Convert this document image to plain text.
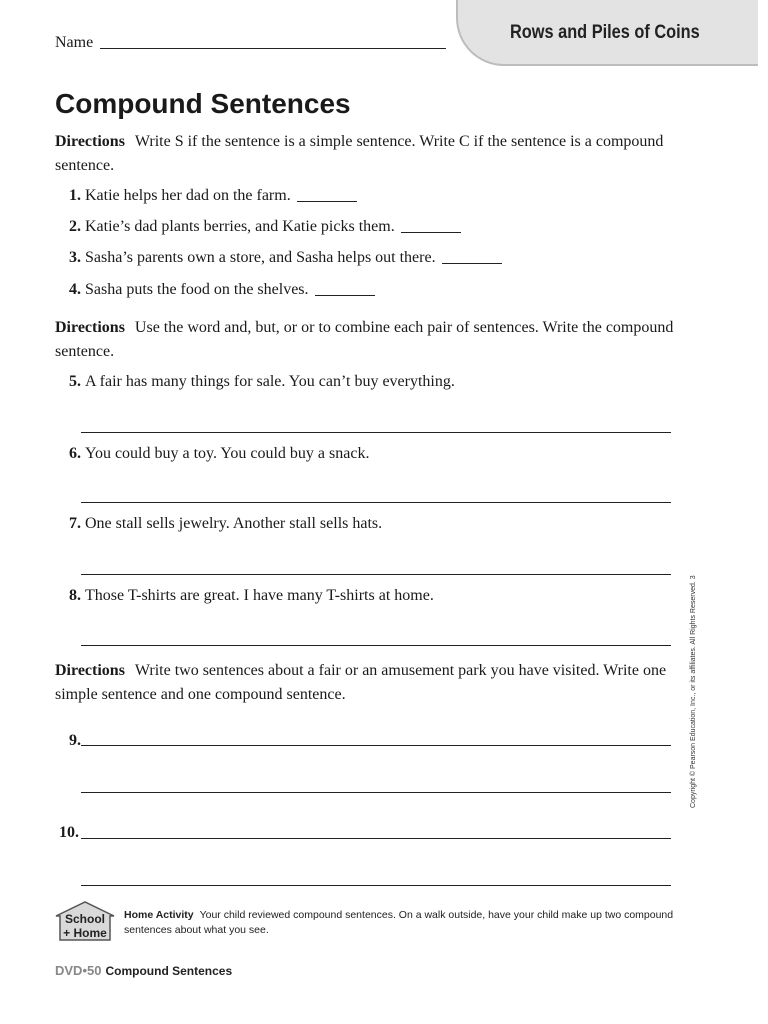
Rows and Piles of Coins
Name
Compound Sentences
Directions Write S if the sentence is a simple sentence. Write C if the sentence is a compound sentence.
1. Katie helps her dad on the farm.
2. Katie’s dad plants berries, and Katie picks them.
3. Sasha’s parents own a store, and Sasha helps out there.
4. Sasha puts the food on the shelves.
Directions Use the word and, but, or or to combine each pair of sentences. Write the compound sentence.
5. A fair has many things for sale. You can’t buy everything.
6. You could buy a toy. You could buy a snack.
7. One stall sells jewelry. Another stall sells hats.
8. Those T-shirts are great. I have many T-shirts at home.
Directions Write two sentences about a fair or an amusement park you have visited. Write one simple sentence and one compound sentence.
9.
10.
Copyright © Pearson Education, Inc., or its affiliates. All Rights Reserved. 3
School
+ Home
Home Activity Your child reviewed compound sentences. On a walk outside, have your child make up two compound sentences about what you see.
DVD•50 Compound Sentences
